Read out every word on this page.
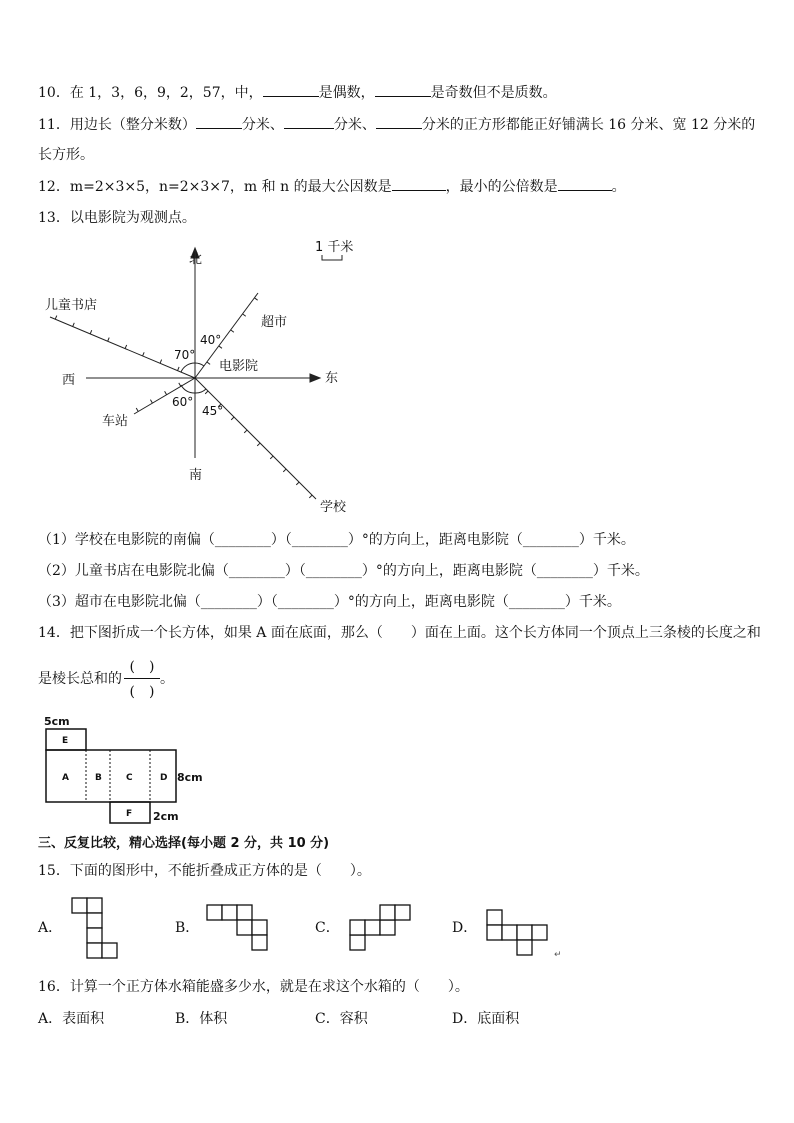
10．在 1，3，6，9，2，57，中，	是偶数，	是奇数但不是质数。
11．用边长（整分米数）	分米、	分米、	分米的正方形都能正好铺满长 16 分米、宽 12 分米的
长方形。
12．m=2×3×5，n=2×3×7，m 和 n 的最大公因数是	，最小的公倍数是	。
13．以电影院为观测点。
北
南
东
西
电影院
超市
儿童书店
车站
学校
1 千米
40°
70°
60°
45°
（1）学校在电影院的南偏（________）（________）°的方向上，距离电影院（________）千米。
（2）儿童书店在电影院北偏（________）（________）°的方向上，距离电影院（________）千米。
（3）超市在电影院北偏（________）（________）°的方向上，距离电影院（________）千米。
14．把下图折成一个长方体，如果 A 面在底面，那么（　　）面在上面。这个长方体同一个顶点上三条棱的长度之和
是棱长总和的
(　)
(　)
。
E
A	B	C	D
F
5cm
8cm
2cm
三、反复比较，精心选择(每小题 2 分，共 10 分)
15．下面的图形中，不能折叠成正方体的是（　　）。
A．	B．	C．	D．
↵
16．计算一个正方体水箱能盛多少水，就是在求这个水箱的（　　）。
A．表面积	B．体积	C．容积	D．底面积
